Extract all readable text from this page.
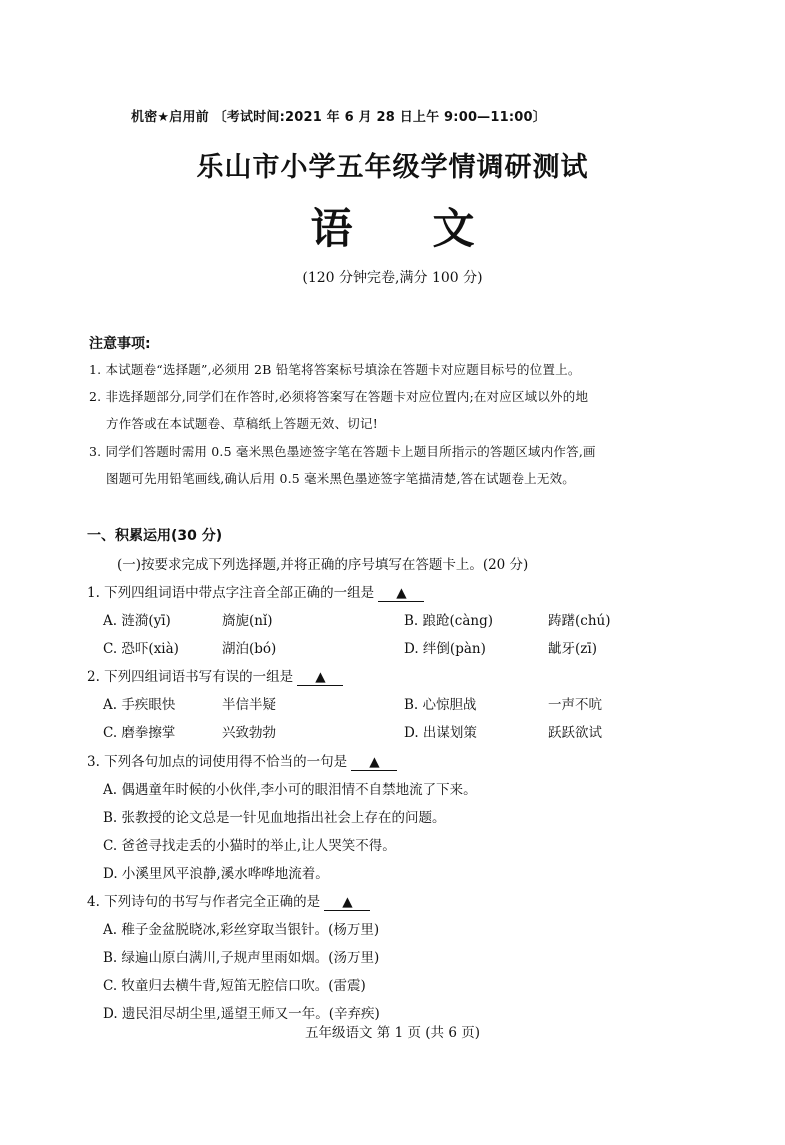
机密★启用前 〔考试时间:2021 年 6 月 28 日上午 9:00—11:00〕
乐山市小学五年级学情调研测试
语文
(120 分钟完卷,满分 100 分)
注意事项:
1. 本试题卷“选择题”,必须用 2B 铅笔将答案标号填涂在答题卡对应题目标号的位置上。
2. 非选择题部分,同学们在作答时,必须将答案写在答题卡对应位置内;在对应区域以外的地
方作答或在本试题卷、草稿纸上答题无效、切记!
3. 同学们答题时需用 0.5 毫米黑色墨迹签字笔在答题卡上题目所指示的答题区域内作答,画
图题可先用铅笔画线,确认后用 0.5 毫米黑色墨迹签字笔描清楚,答在试题卷上无效。
一、积累运用(30 分)
(一)按要求完成下列选择题,并将正确的序号填写在答题卡上。(20 分)
1. 下列四组词语中带点字注音全部正确的一组是 ▲
A. 涟漪(yī)	旖旎(nǐ)	B. 踉跄(càng)	踌躇(chú)
C. 恐吓(xià)	湖泊(bó)	D. 绊倒(pàn)	龇牙(zī)
2. 下列四组词语书写有误的一组是 ▲
A. 手疾眼快	半信半疑	B. 心惊胆战	一声不吭
C. 磨拳擦掌	兴致勃勃	D. 出谋划策	跃跃欲试
3. 下列各句加点的词使用得不恰当的一句是 ▲
A. 偶遇童年时候的小伙伴,李小可的眼泪情不自禁地流了下来。
B. 张教授的论文总是一针见血地指出社会上存在的问题。
C. 爸爸寻找走丢的小猫时的举止,让人哭笑不得。
D. 小溪里风平浪静,溪水哗哗地流着。
4. 下列诗句的书写与作者完全正确的是 ▲
A. 稚子金盆脱晓冰,彩丝穿取当银针。(杨万里)
B. 绿遍山原白满川,子规声里雨如烟。(汤万里)
C. 牧童归去横牛背,短笛无腔信口吹。(雷震)
D. 遗民泪尽胡尘里,遥望王师又一年。(辛弃疾)
五年级语文 第 1 页 (共 6 页)
